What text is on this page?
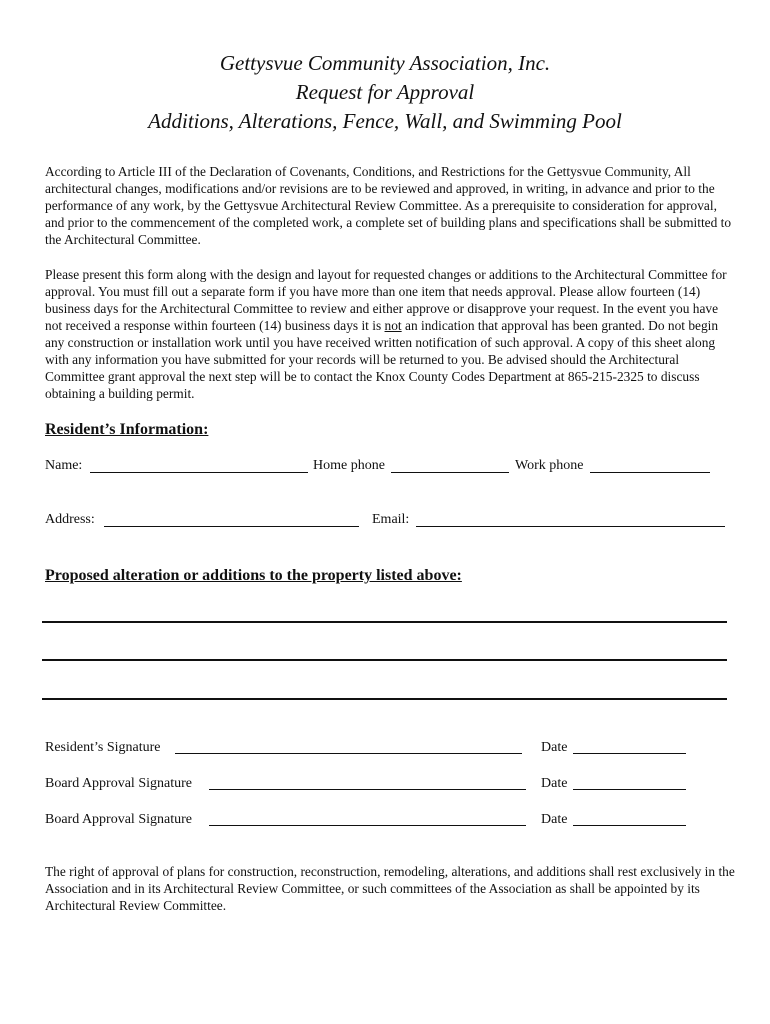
Gettysvue Community Association, Inc.
Request for Approval
Additions, Alterations, Fence, Wall, and Swimming Pool

According to Article III of the Declaration of Covenants, Conditions, and Restrictions for the Gettysvue Community, All architectural changes, modifications and/or revisions are to be reviewed and approved, in writing, in advance and prior to the performance of any work, by the Gettysvue Architectural Review Committee. As a prerequisite to consideration for approval, and prior to the commencement of the completed work, a complete set of building plans and specifications shall be submitted to the Architectural Committee.

Please present this form along with the design and layout for requested changes or additions to the Architectural Committee for approval. You must fill out a separate form if you have more than one item that needs approval. Please allow fourteen (14) business days for the Architectural Committee to review and either approve or disapprove your request. In the event you have not received a response within fourteen (14) business days it is not an indication that approval has been granted. Do not begin any construction or installation work until you have received written notification of such approval. A copy of this sheet along with any information you have submitted for your records will be returned to you. Be advised should the Architectural Committee grant approval the next step will be to contact the Knox County Codes Department at 865-215-2325 to discuss obtaining a building permit.

Resident’s Information:
Name:	Home phone	Work phone
Address:	Email:
Proposed alteration or additions to the property listed above:
Resident’s Signature	Date
Board Approval Signature	Date
Board Approval Signature	Date

The right of approval of plans for construction, reconstruction, remodeling, alterations, and additions shall rest exclusively in the Association and in its Architectural Review Committee, or such committees of the Association as shall be appointed by its Architectural Review Committee.
